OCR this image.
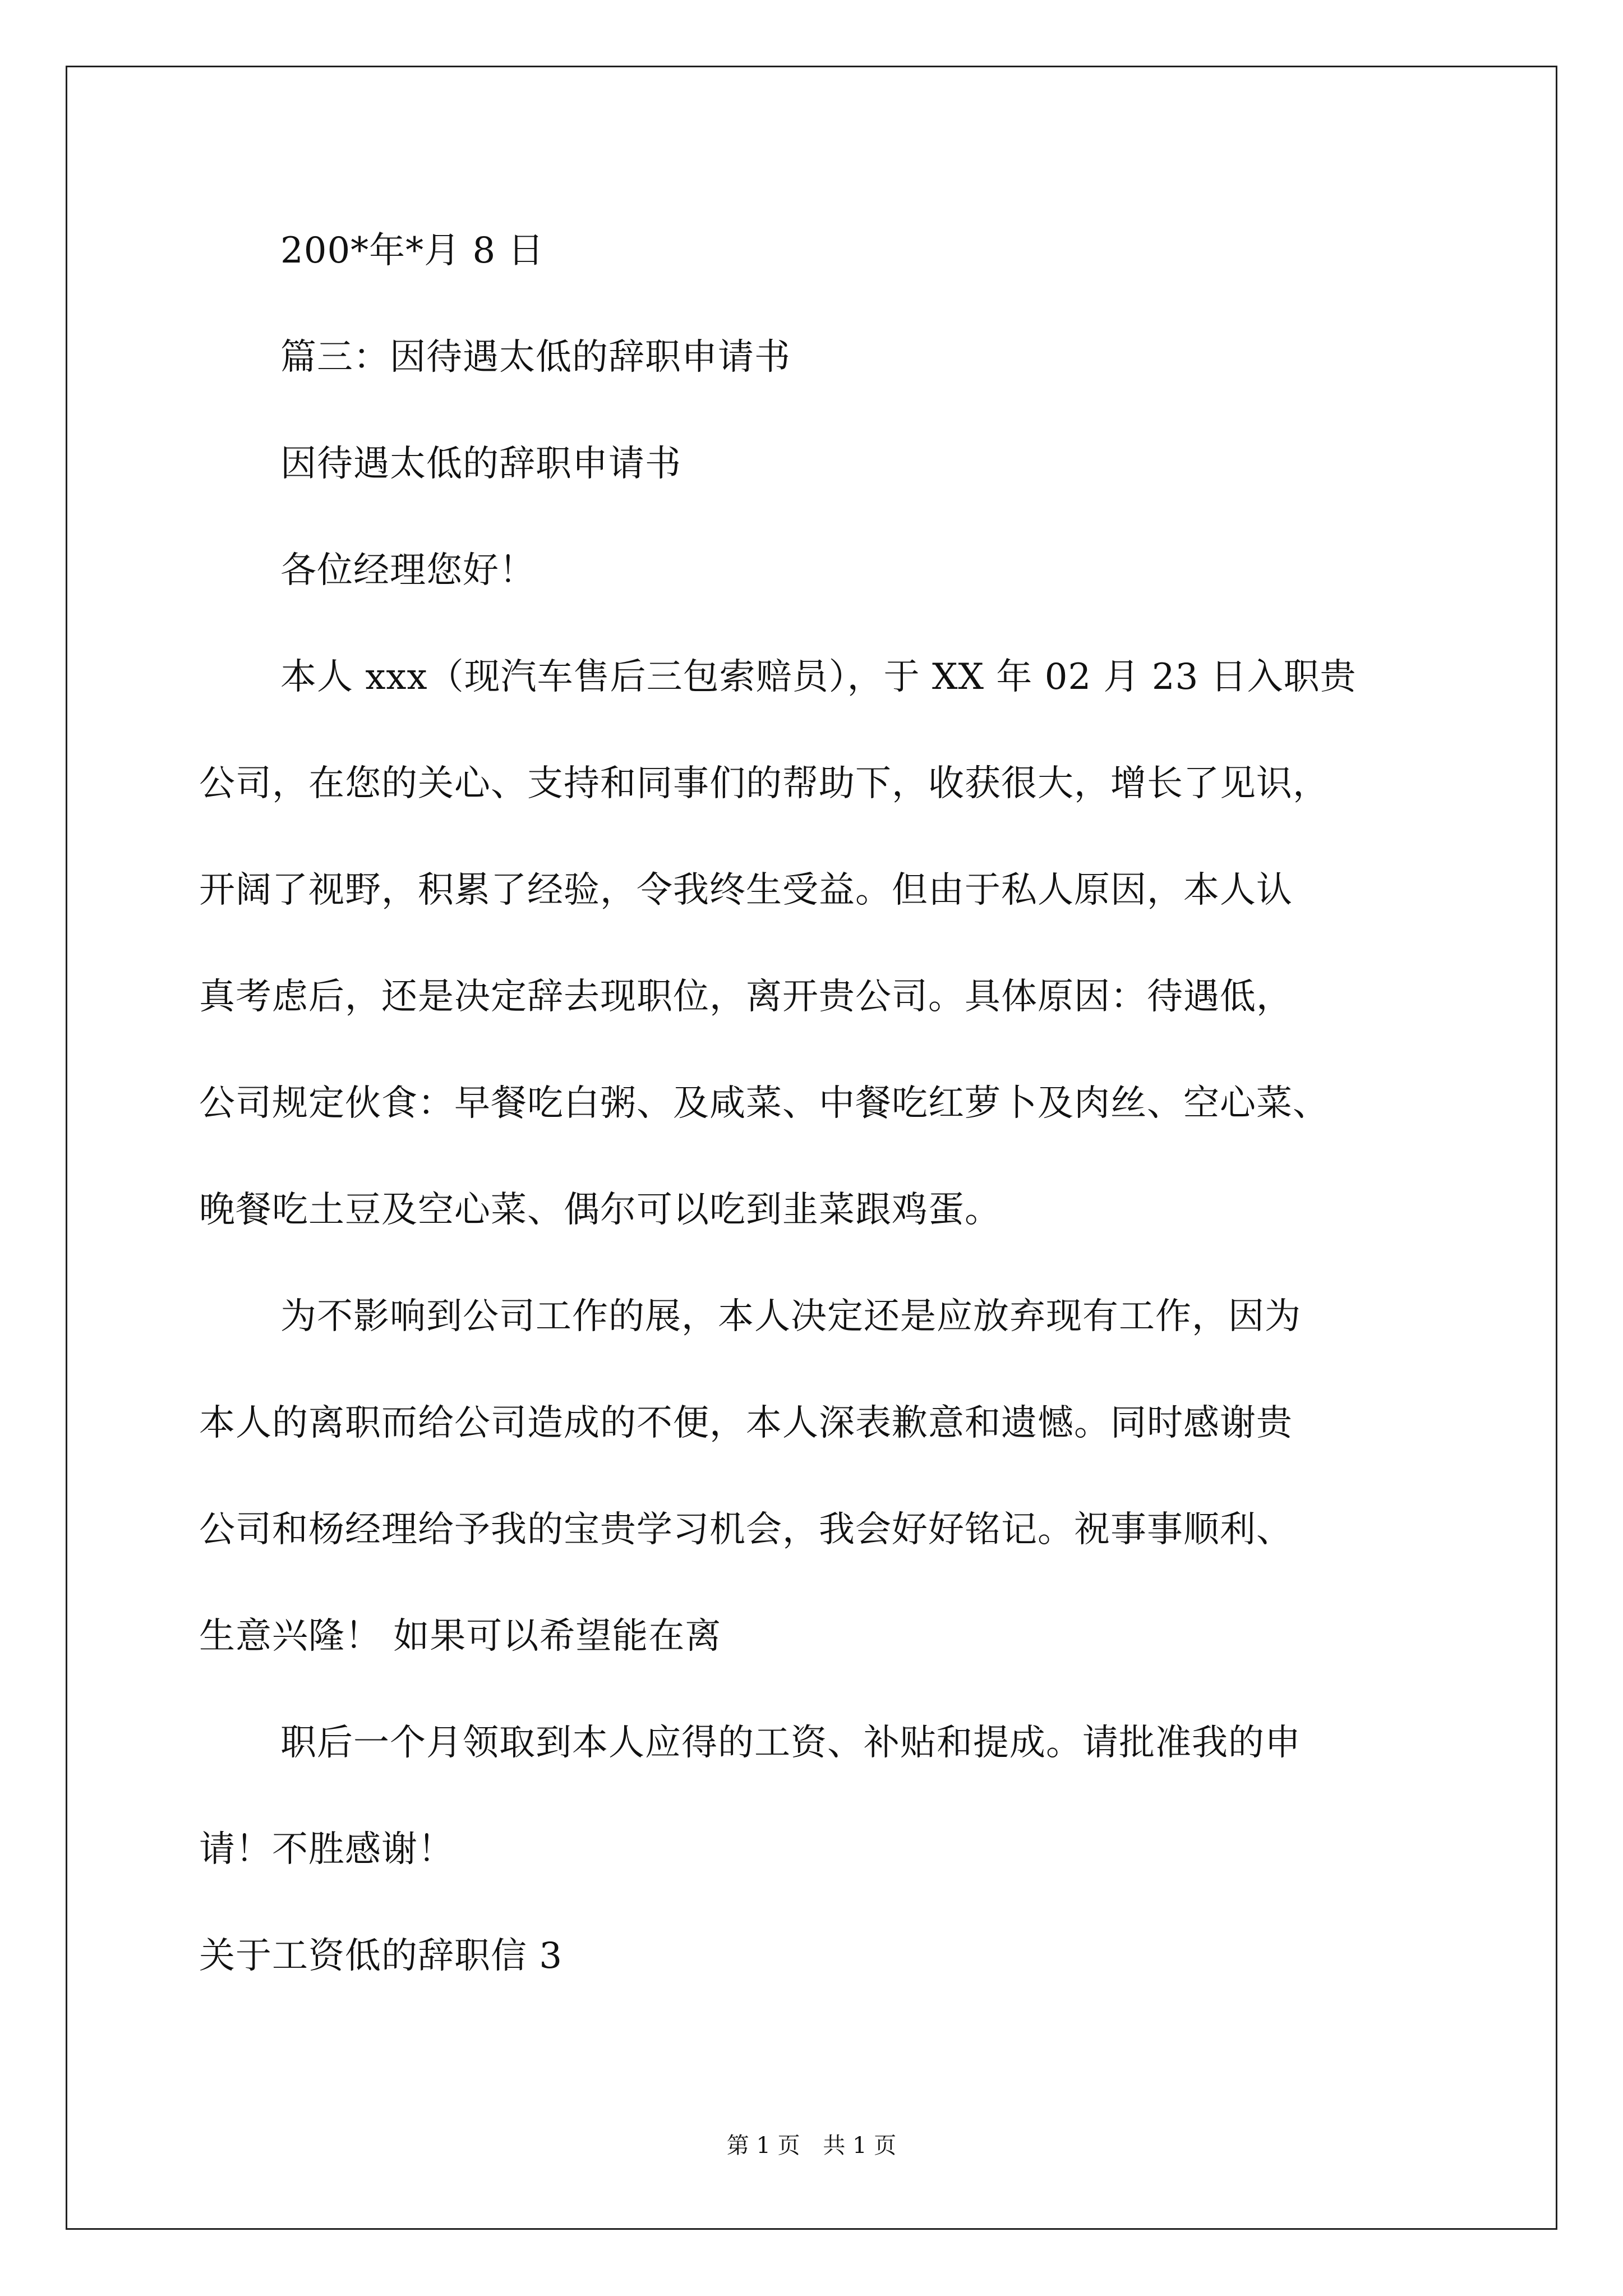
200*年*月 8 日
篇三：因待遇太低的辞职申请书
因待遇太低的辞职申请书
各位经理您好！
本人 xxx（现汽车售后三包索赔员），于 XX 年 02 月 23 日入职贵
公司，在您的关心、支持和同事们的帮助下，收获很大，增长了见识，
开阔了视野，积累了经验，令我终生受益。但由于私人原因，本人认
真考虑后，还是决定辞去现职位，离开贵公司。具体原因：待遇低，
公司规定伙食：早餐吃白粥、及咸菜、中餐吃红萝卜及肉丝、空心菜、
晚餐吃土豆及空心菜、偶尔可以吃到韭菜跟鸡蛋。
为不影响到公司工作的展，本人决定还是应放弃现有工作，因为
本人的离职而给公司造成的不便，本人深表歉意和遗憾。同时感谢贵
公司和杨经理给予我的宝贵学习机会，我会好好铭记。祝事事顺利、
生意兴隆！ 如果可以希望能在离
职后一个月领取到本人应得的工资、补贴和提成。请批准我的申
请！不胜感谢！
关于工资低的辞职信 3
第 1 页 共 1 页
